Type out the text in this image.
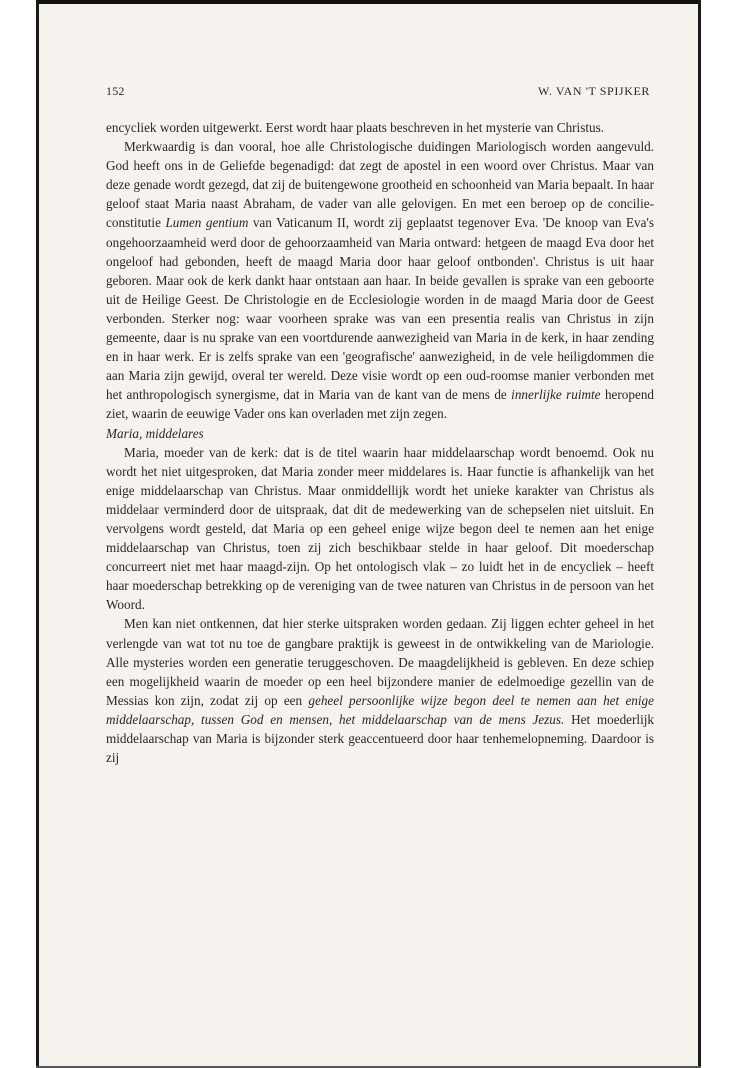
152	W. VAN 'T SPIJKER

encycliek worden uitgewerkt. Eerst wordt haar plaats beschreven in het mysterie van Christus.

Merkwaardig is dan vooral, hoe alle Christologische duidingen Mariologisch worden aangevuld. God heeft ons in de Geliefde begenadigd: dat zegt de apostel in een woord over Christus. Maar van deze genade wordt gezegd, dat zij de buitengewone grootheid en schoonheid van Maria bepaalt. In haar geloof staat Maria naast Abraham, de vader van alle gelovigen. En met een beroep op de concilie-constitutie Lumen gentium van Vaticanum II, wordt zij geplaatst tegenover Eva. 'De knoop van Eva's ongehoorzaamheid werd door de gehoorzaamheid van Maria ontward: hetgeen de maagd Eva door het ongeloof had gebonden, heeft de maagd Maria door haar geloof ontbonden'. Christus is uit haar geboren. Maar ook de kerk dankt haar ontstaan aan haar. In beide gevallen is sprake van een geboorte uit de Heilige Geest. De Christologie en de Ecclesiologie worden in de maagd Maria door de Geest verbonden. Sterker nog: waar voorheen sprake was van een presentia realis van Christus in zijn gemeente, daar is nu sprake van een voortdurende aanwezigheid van Maria in de kerk, in haar zending en in haar werk. Er is zelfs sprake van een 'geografische' aanwezigheid, in de vele heiligdommen die aan Maria zijn gewijd, overal ter wereld. Deze visie wordt op een oud-roomse manier verbonden met het anthropologisch synergisme, dat in Maria van de kant van de mens de innerlijke ruimte heropend ziet, waarin de eeuwige Vader ons kan overladen met zijn zegen.

Maria, middelares

Maria, moeder van de kerk: dat is de titel waarin haar middelaarschap wordt benoemd. Ook nu wordt het niet uitgesproken, dat Maria zonder meer middelares is. Haar functie is afhankelijk van het enige middelaarschap van Christus. Maar onmiddellijk wordt het unieke karakter van Christus als middelaar verminderd door de uitspraak, dat dit de medewerking van de schepselen niet uitsluit. En vervolgens wordt gesteld, dat Maria op een geheel enige wijze begon deel te nemen aan het enige middelaarschap van Christus, toen zij zich beschikbaar stelde in haar geloof. Dit moederschap concurreert niet met haar maagd-zijn. Op het ontologisch vlak – zo luidt het in de encycliek – heeft haar moederschap betrekking op de vereniging van de twee naturen van Christus in de persoon van het Woord.

Men kan niet ontkennen, dat hier sterke uitspraken worden gedaan. Zij liggen echter geheel in het verlengde van wat tot nu toe de gangbare praktijk is geweest in de ontwikkeling van de Mariologie. Alle mysteries worden een generatie teruggeschoven. De maagdelijkheid is gebleven. En deze schiep een mogelijkheid waarin de moeder op een heel bijzondere manier de edelmoedige gezellin van de Messias kon zijn, zodat zij op een geheel persoonlijke wijze begon deel te nemen aan het enige middelaarschap, tussen God en mensen, het middelaarschap van de mens Jezus. Het moederlijk middelaarschap van Maria is bijzonder sterk geaccentueerd door haar tenhemelopneming. Daardoor is zij
